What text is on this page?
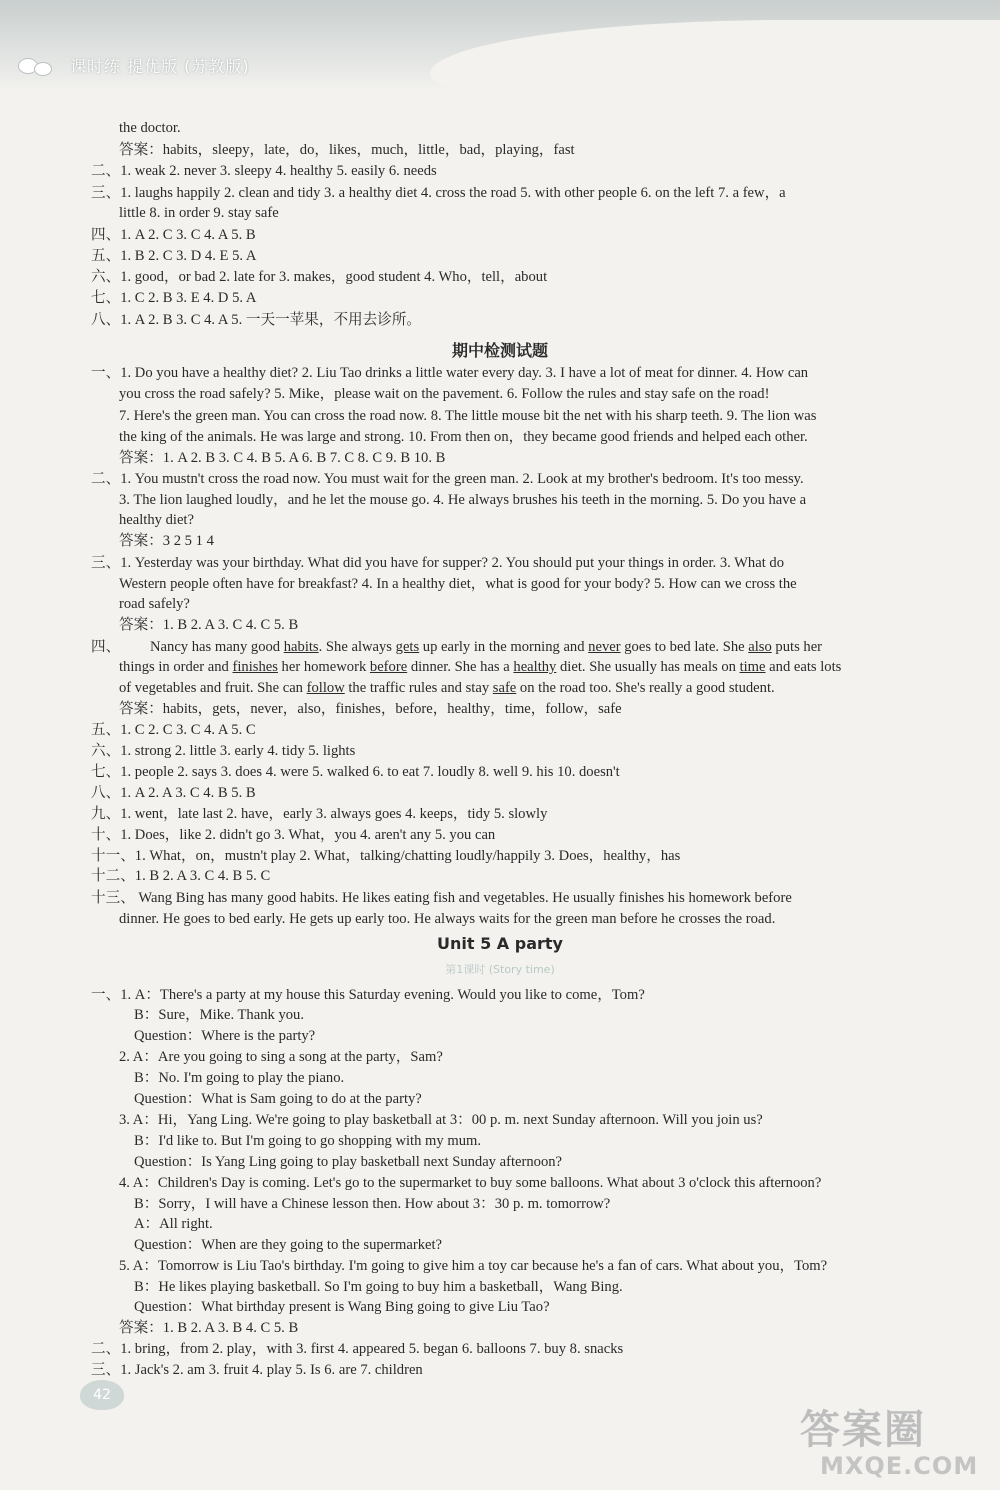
课时练 提优版 (苏教版)
the doctor.
答案：habits，sleepy，late，do，likes，much，little，bad，playing，fast
二、1. weak 2. never 3. sleepy 4. healthy 5. easily 6. needs
三、1. laughs happily 2. clean and tidy 3. a healthy diet 4. cross the road 5. with other people 6. on the left 7. a few，a
little 8. in order 9. stay safe
四、1. A 2. C 3. C 4. A 5. B
五、1. B 2. C 3. D 4. E 5. A
六、1. good，or bad 2. late for 3. makes，good student 4. Who，tell，about
七、1. C 2. B 3. E 4. D 5. A
八、1. A 2. B 3. C 4. A 5. 一天一苹果，不用去诊所。
期中检测试题
一、1. Do you have a healthy diet? 2. Liu Tao drinks a little water every day. 3. I have a lot of meat for dinner. 4. How can
you cross the road safely? 5. Mike，please wait on the pavement. 6. Follow the rules and stay safe on the road!
7. Here's the green man. You can cross the road now. 8. The little mouse bit the net with his sharp teeth. 9. The lion was
the king of the animals. He was large and strong. 10. From then on，they became good friends and helped each other.
答案：1. A 2. B 3. C 4. B 5. A 6. B 7. C 8. C 9. B 10. B
二、1. You mustn't cross the road now. You must wait for the green man. 2. Look at my brother's bedroom. It's too messy.
3. The lion laughed loudly，and he let the mouse go. 4. He always brushes his teeth in the morning. 5. Do you have a
healthy diet?
答案：3 2 5 1 4
三、1. Yesterday was your birthday. What did you have for supper? 2. You should put your things in order. 3. What do
Western people often have for breakfast? 4. In a healthy diet，what is good for your body? 5. How can we cross the
road safely?
答案：1. B 2. A 3. C 4. C 5. B
四、 Nancy has many good habits. She always gets up early in the morning and never goes to bed late. She also puts her
things in order and finishes her homework before dinner. She has a healthy diet. She usually has meals on time and eats lots
of vegetables and fruit. She can follow the traffic rules and stay safe on the road too. She's really a good student.
答案：habits，gets，never，also，finishes，before，healthy，time，follow，safe
五、1. C 2. C 3. C 4. A 5. C
六、1. strong 2. little 3. early 4. tidy 5. lights
七、1. people 2. says 3. does 4. were 5. walked 6. to eat 7. loudly 8. well 9. his 10. doesn't
八、1. A 2. A 3. C 4. B 5. B
九、1. went，late last 2. have，early 3. always goes 4. keeps，tidy 5. slowly
十、1. Does，like 2. didn't go 3. What，you 4. aren't any 5. you can
十一、1. What，on，mustn't play 2. What，talking/chatting loudly/happily 3. Does，healthy，has
十二、1. B 2. A 3. C 4. B 5. C
十三、 Wang Bing has many good habits. He likes eating fish and vegetables. He usually finishes his homework before
dinner. He goes to bed early. He gets up early too. He always waits for the green man before he crosses the road.
Unit 5 A party
第1课时 (Story time)
一、1. A：There's a party at my house this Saturday evening. Would you like to come，Tom?
B：Sure，Mike. Thank you.
Question：Where is the party?
2. A：Are you going to sing a song at the party，Sam?
B：No. I'm going to play the piano.
Question：What is Sam going to do at the party?
3. A：Hi，Yang Ling. We're going to play basketball at 3：00 p. m. next Sunday afternoon. Will you join us?
B：I'd like to. But I'm going to go shopping with my mum.
Question：Is Yang Ling going to play basketball next Sunday afternoon?
4. A：Children's Day is coming. Let's go to the supermarket to buy some balloons. What about 3 o'clock this afternoon?
B：Sorry，I will have a Chinese lesson then. How about 3：30 p. m. tomorrow?
A：All right.
Question：When are they going to the supermarket?
5. A：Tomorrow is Liu Tao's birthday. I'm going to give him a toy car because he's a fan of cars. What about you，Tom?
B：He likes playing basketball. So I'm going to buy him a basketball，Wang Bing.
Question：What birthday present is Wang Bing going to give Liu Tao?
答案：1. B 2. A 3. B 4. C 5. B
二、1. bring，from 2. play，with 3. first 4. appeared 5. began 6. balloons 7. buy 8. snacks
三、1. Jack's 2. am 3. fruit 4. play 5. Is 6. are 7. children
42
答案圈
MXQE.COM
